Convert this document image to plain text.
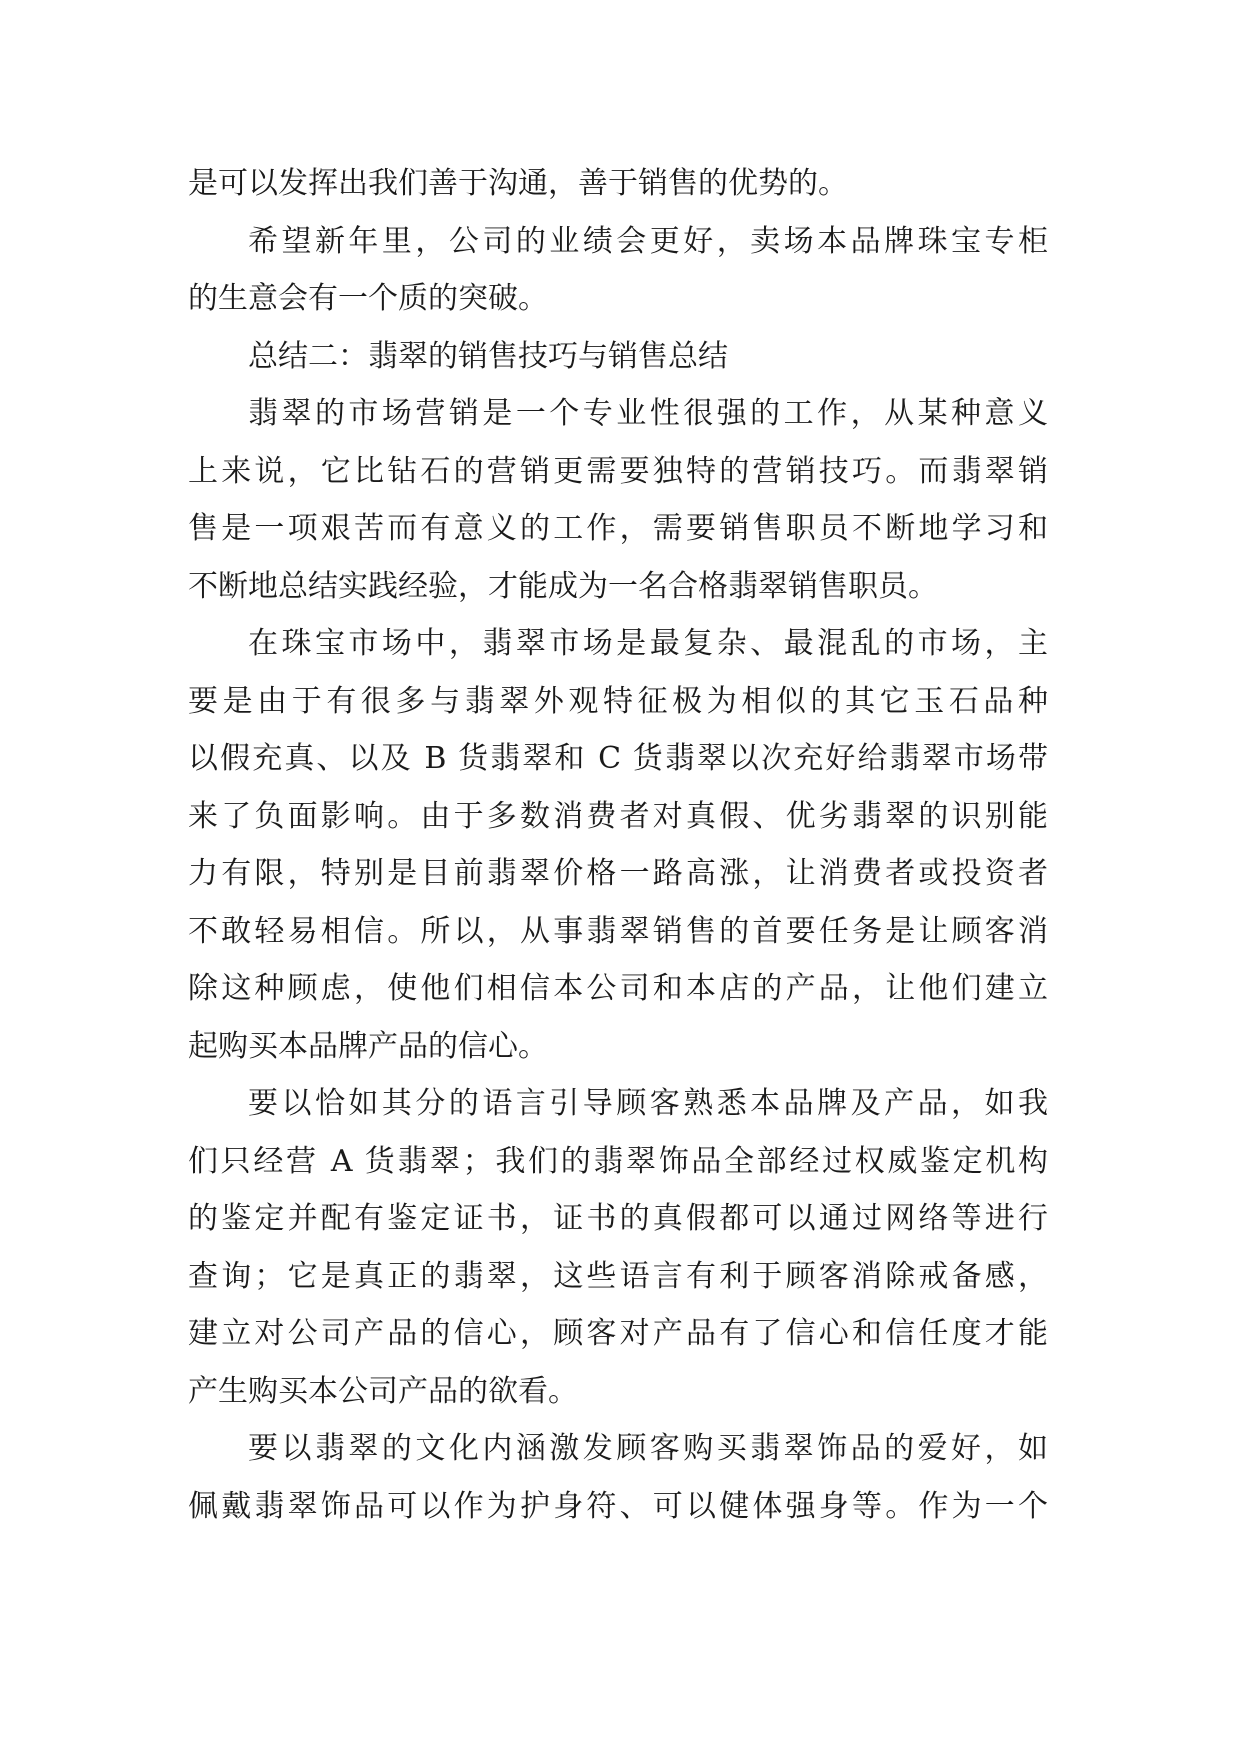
是可以发挥出我们善于沟通，善于销售的优势的。
希望新年里，公司的业绩会更好，卖场本品牌珠宝专柜
的生意会有一个质的突破。
总结二：翡翠的销售技巧与销售总结
翡翠的市场营销是一个专业性很强的工作，从某种意义
上来说，它比钻石的营销更需要独特的营销技巧。而翡翠销
售是一项艰苦而有意义的工作，需要销售职员不断地学习和
不断地总结实践经验，才能成为一名合格翡翠销售职员。
在珠宝市场中，翡翠市场是最复杂、最混乱的市场，主
要是由于有很多与翡翠外观特征极为相似的其它玉石品种
以假充真、以及 B 货翡翠和 C 货翡翠以次充好给翡翠市场带
来了负面影响。由于多数消费者对真假、优劣翡翠的识别能
力有限，特别是目前翡翠价格一路高涨，让消费者或投资者
不敢轻易相信。所以，从事翡翠销售的首要任务是让顾客消
除这种顾虑，使他们相信本公司和本店的产品，让他们建立
起购买本品牌产品的信心。
要以恰如其分的语言引导顾客熟悉本品牌及产品，如我
们只经营 A 货翡翠；我们的翡翠饰品全部经过权威鉴定机构
的鉴定并配有鉴定证书，证书的真假都可以通过网络等进行
查询；它是真正的翡翠，这些语言有利于顾客消除戒备感，
建立对公司产品的信心，顾客对产品有了信心和信任度才能
产生购买本公司产品的欲看。
要以翡翠的文化内涵激发顾客购买翡翠饰品的爱好，如
佩戴翡翠饰品可以作为护身符、可以健体强身等。作为一个
